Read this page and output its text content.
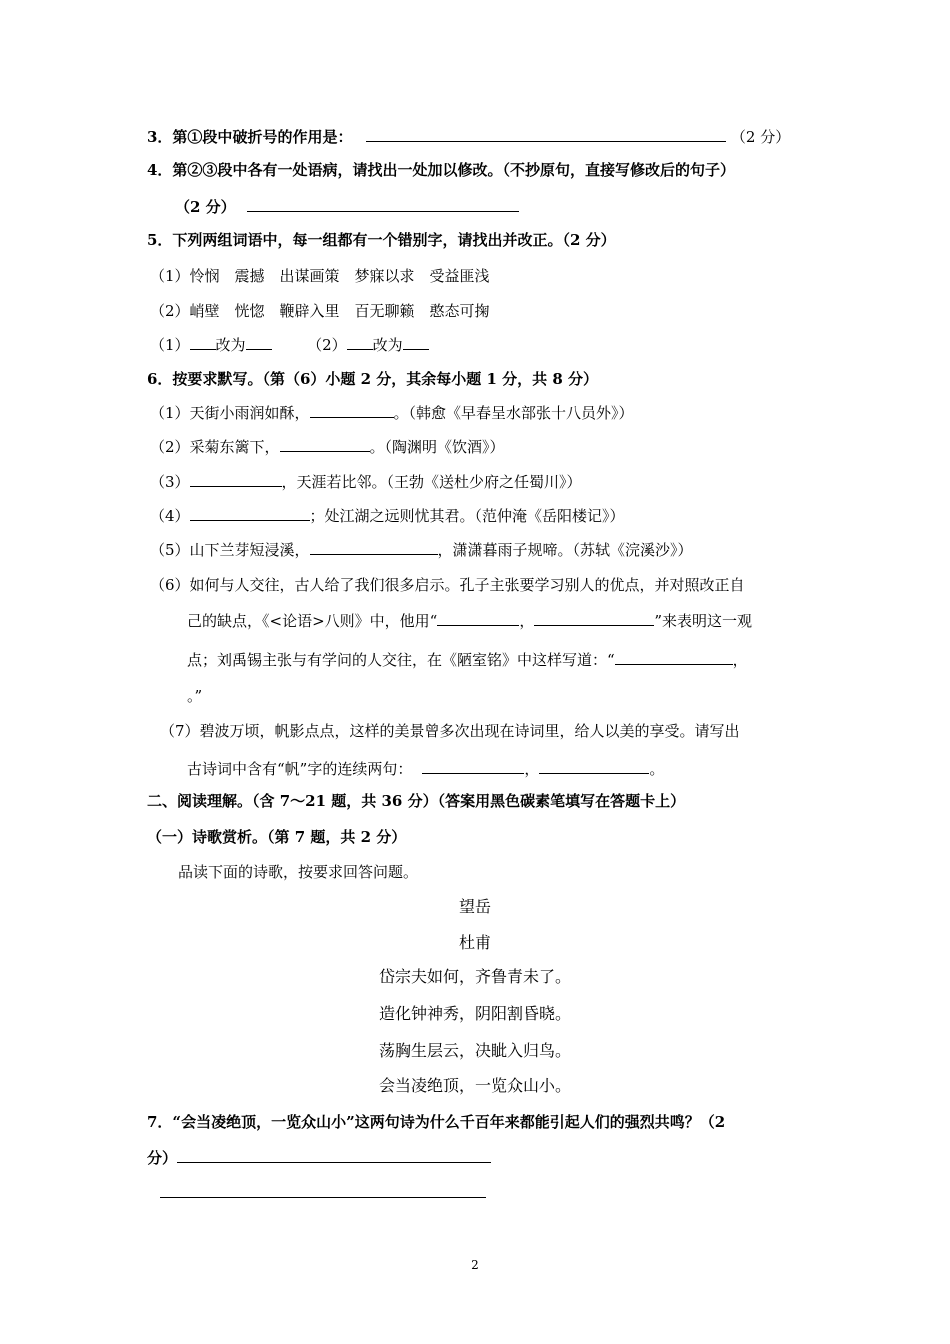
3．第①段中破折号的作用是：	（2 分）
4．第②③段中各有一处语病，请找出一处加以修改。（不抄原句，直接写修改后的句子）
（2 分）
5．下列两组词语中，每一组都有一个错别字，请找出并改正。（2 分）
（1）怜悯　震撼　出谋画策　梦寐以求　受益匪浅
（2）峭壁　恍惚　鞭辟入里　百无聊籁　憨态可掬
（1） 改为	（2） 改为
6．按要求默写。（第（6）小题 2 分，其余每小题 1 分，共 8 分）
（1）天街小雨润如酥，	。（韩愈《早春呈水部张十八员外》）
（2）采菊东篱下，	。（陶渊明《饮酒》）
（3）	，天涯若比邻。（王勃《送杜少府之任蜀川》）
（4）	；处江湖之远则忧其君。（范仲淹《岳阳楼记》）
（5）山下兰芽短浸溪，	，潇潇暮雨子规啼。（苏轼《浣溪沙》）
（6）如何与人交往，古人给了我们很多启示。孔子主张要学习别人的优点，并对照改正自
己的缺点，《<论语>八则》中，他用“	，	”来表明这一观
点；刘禹锡主张与有学问的人交往，在《陋室铭》中这样写道：“	，
。”
（7）碧波万顷，帆影点点，这样的美景曾多次出现在诗词里，给人以美的享受。请写出
古诗词中含有“帆”字的连续两句：	，	。
二、阅读理解。（含 7～21 题，共 36 分）（答案用黑色碳素笔填写在答题卡上）
（一）诗歌赏析。（第 7 题，共 2 分）
品读下面的诗歌，按要求回答问题。
望岳
杜甫
岱宗夫如何，齐鲁青未了。
造化钟神秀，阴阳割昏晓。
荡胸生层云，决眦入归鸟。
会当凌绝顶，一览众山小。
7．“会当凌绝顶，一览众山小”这两句诗为什么千百年来都能引起人们的强烈共鸣？（2
分）
2
